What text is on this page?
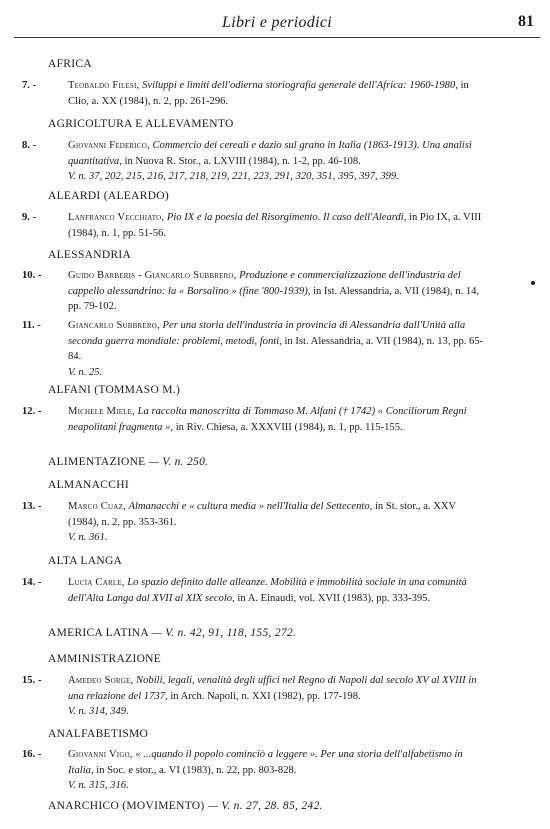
Libri e periodici	81
AFRICA
7. -	Teobaldo Filesi, Sviluppi e limiti dell'odierna storiografia generale dell'Africa: 1960-1980, in Clio, a. XX (1984), n. 2, pp. 261-296.
AGRICOLTURA E ALLEVAMENTO
8. -	Giovanni Federico, Commercio dei cereali e dazio sul grano in Italia (1863-1913). Una analisi quantitativa, in Nuova R. Stor., a. LXVIII (1984), n. 1-2, pp. 46-108.
V. n. 37, 202, 215, 216, 217, 218, 219, 221, 223, 291, 320, 351, 395, 397, 399.
ALEARDI (ALEARDO)
9. -	Lanfranco Vecchiato, Pio IX e la poesia del Risorgimento. Il caso dell'Aleardi, in Pio IX, a. VIII (1984), n. 1, pp. 51-56.
ALESSANDRIA
10. -	Guido Barberis - Giancarlo Subbrero, Produzione e commercializzazione dell'industria del cappello alessandrino: la « Borsalino » (fine '800-1939), in Ist. Alessandria, a. VII (1984), n. 14, pp. 79-102.
11. -	Giancarlo Subbrero, Per una storia dell'industria in provincia di Alessandria dall'Unità alla seconda guerra mondiale: problemi, metodi, fonti, in Ist. Alessandria, a. VII (1984), n. 13, pp. 65-84.
V. n. 25.
ALFANI (TOMMASO M.)
12. -	Michele Miele, La raccolta manoscritta di Tommaso M. Alfani († 1742) « Conciliorum Regni neapolitani fragmenta », in Riv. Chiesa, a. XXXVIII (1984), n. 1, pp. 115-155.
ALIMENTAZIONE — V. n. 250.
ALMANACCHI
13. -	Marco Cuaz, Almanacchi e « cultura media » nell'Italia del Settecento, in St. stor., a. XXV (1984), n. 2, pp. 353-361.
V. n. 361.
ALTA LANGA
14. -	Lucia Carle, Lo spazio definito dalle alleanze. Mobilità e immobilità sociale in una comunità dell'Alta Langa dal XVII al XIX secolo, in A. Einaudi, vol. XVII (1983), pp. 333-395.
AMERICA LATINA — V. n. 42, 91, 118, 155, 272.
AMMINISTRAZIONE
15. -	Amedeo Sorge, Nobili, legali, venalità degli uffici nel Regno di Napoli dal secolo XV al XVIII in una relazione del 1737, in Arch. Napoli, n. XXI (1982), pp. 177-198.
V. n. 314, 349.
ANALFABETISMO
16. -	Giovanni Vigo, « ...quando il popolo cominciò a leggere ». Per una storia dell'alfabetismo in Italia, in Soc. e stor., a. VI (1983), n. 22, pp. 803-828.
V. n. 315, 316.
ANARCHICO (MOVIMENTO) — V. n. 27, 28. 85, 242.
